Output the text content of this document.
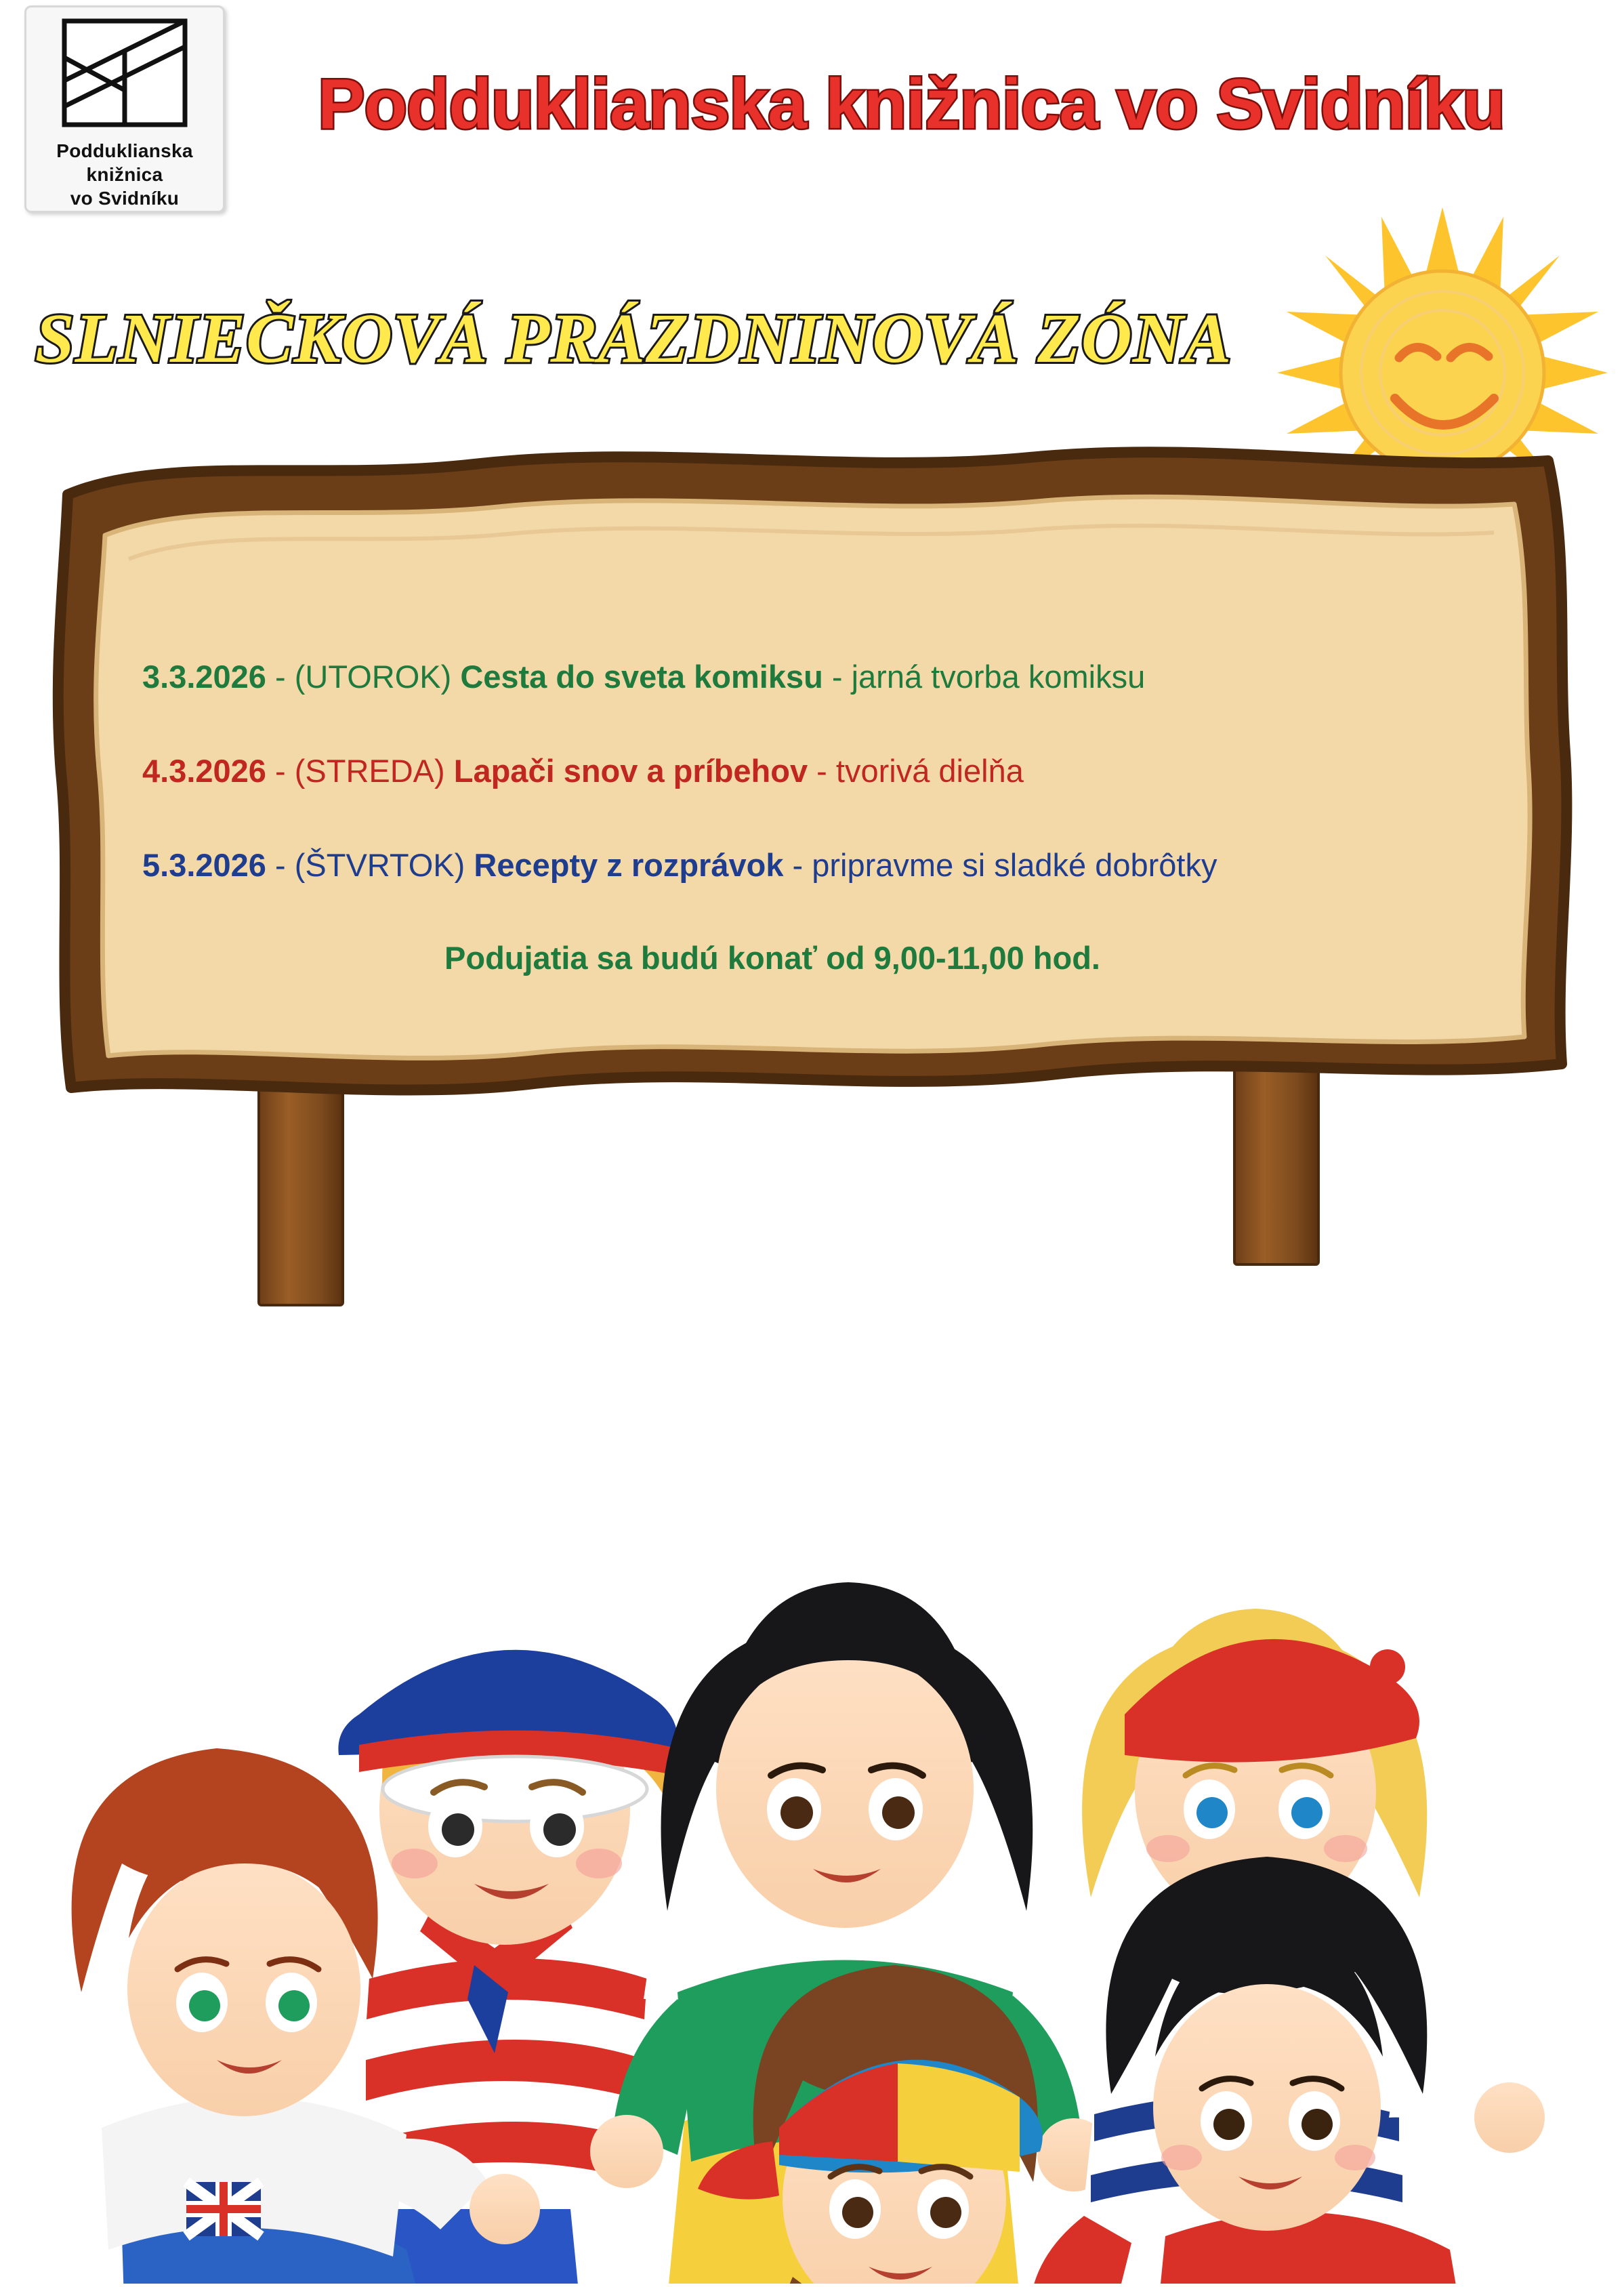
Podduklianska knižnica
vo Svidníku
Podduklianska knižnica vo Svidníku
SLNIEČKOVÁ PRÁZDNINOVÁ ZÓNA
3.3.2026 - (UTOROK) Cesta do sveta komiksu - jarná tvorba komiksu
4.3.2026 - (STREDA) Lapači snov a príbehov - tvorivá dielňa
5.3.2026 - (ŠTVRTOK) Recepty z rozprávok - pripravme si sladké dobrôtky
Podujatia sa budú konať od 9,00-11,00 hod.
